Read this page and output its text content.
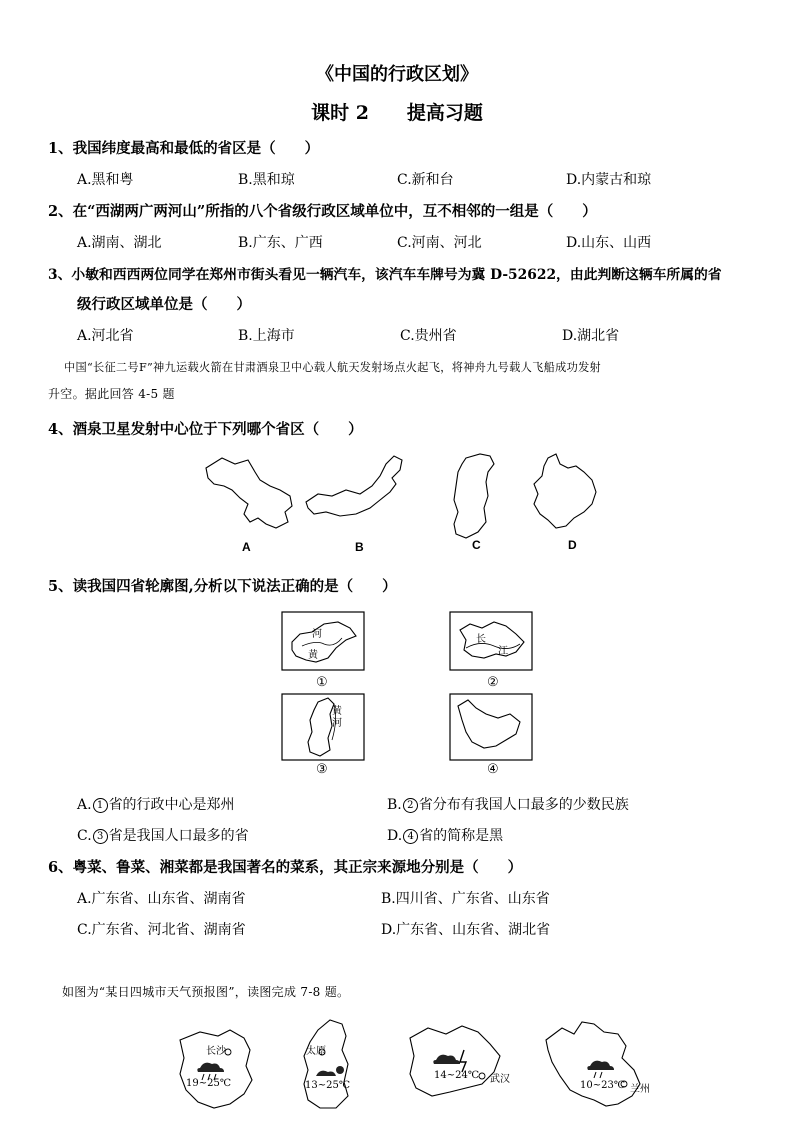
《中国的行政区划》
课时 2　　提高习题
1、我国纬度最高和最低的省区是（　　）
A.黑和粤	B.黑和琼	C.新和台	D.内蒙古和琼
2、在“西湖两广两河山”所指的八个省级行政区域单位中，互不相邻的一组是（　　）
A.湖南、湖北	B.广东、广西	C.河南、河北	D.山东、山西
3、小敏和西西两位同学在郑州市街头看见一辆汽车，该汽车车牌号为冀 D-52622，由此判断这辆车所属的省
级行政区域单位是（　　）
A.河北省	B.上海市	C.贵州省	D.湖北省
中国“长征二号F”神九运载火箭在甘肃酒泉卫中心载人航天发射场点火起飞，将神舟九号载人飞船成功发射
升空。据此回答 4-5 题
4、酒泉卫星发射中心位于下列哪个省区（　　）
A	B	C	D
5、读我国四省轮廓图,分析以下说法正确的是（　　）
河
黄
长
江
黄
河
①	②
③	④
A. 1 省的行政中心是郑州	B. 2 省分布有我国人口最多的少数民族
C. 3 省是我国人口最多的省	D. 4 省的简称是黑
6、粤菜、鲁菜、湘菜都是我国著名的菜系，其正宗来源地分别是（　　）
A.广东省、山东省、湖南省	B.四川省、广东省、山东省
C.广东省、河北省、湖南省	D.广东省、山东省、湖北省
如图为“某日四城市天气预报图”，读图完成 7-8 题。
长沙
19~25℃
太原
13~25℃
武汉
14~24℃
兰州
10~23℃
